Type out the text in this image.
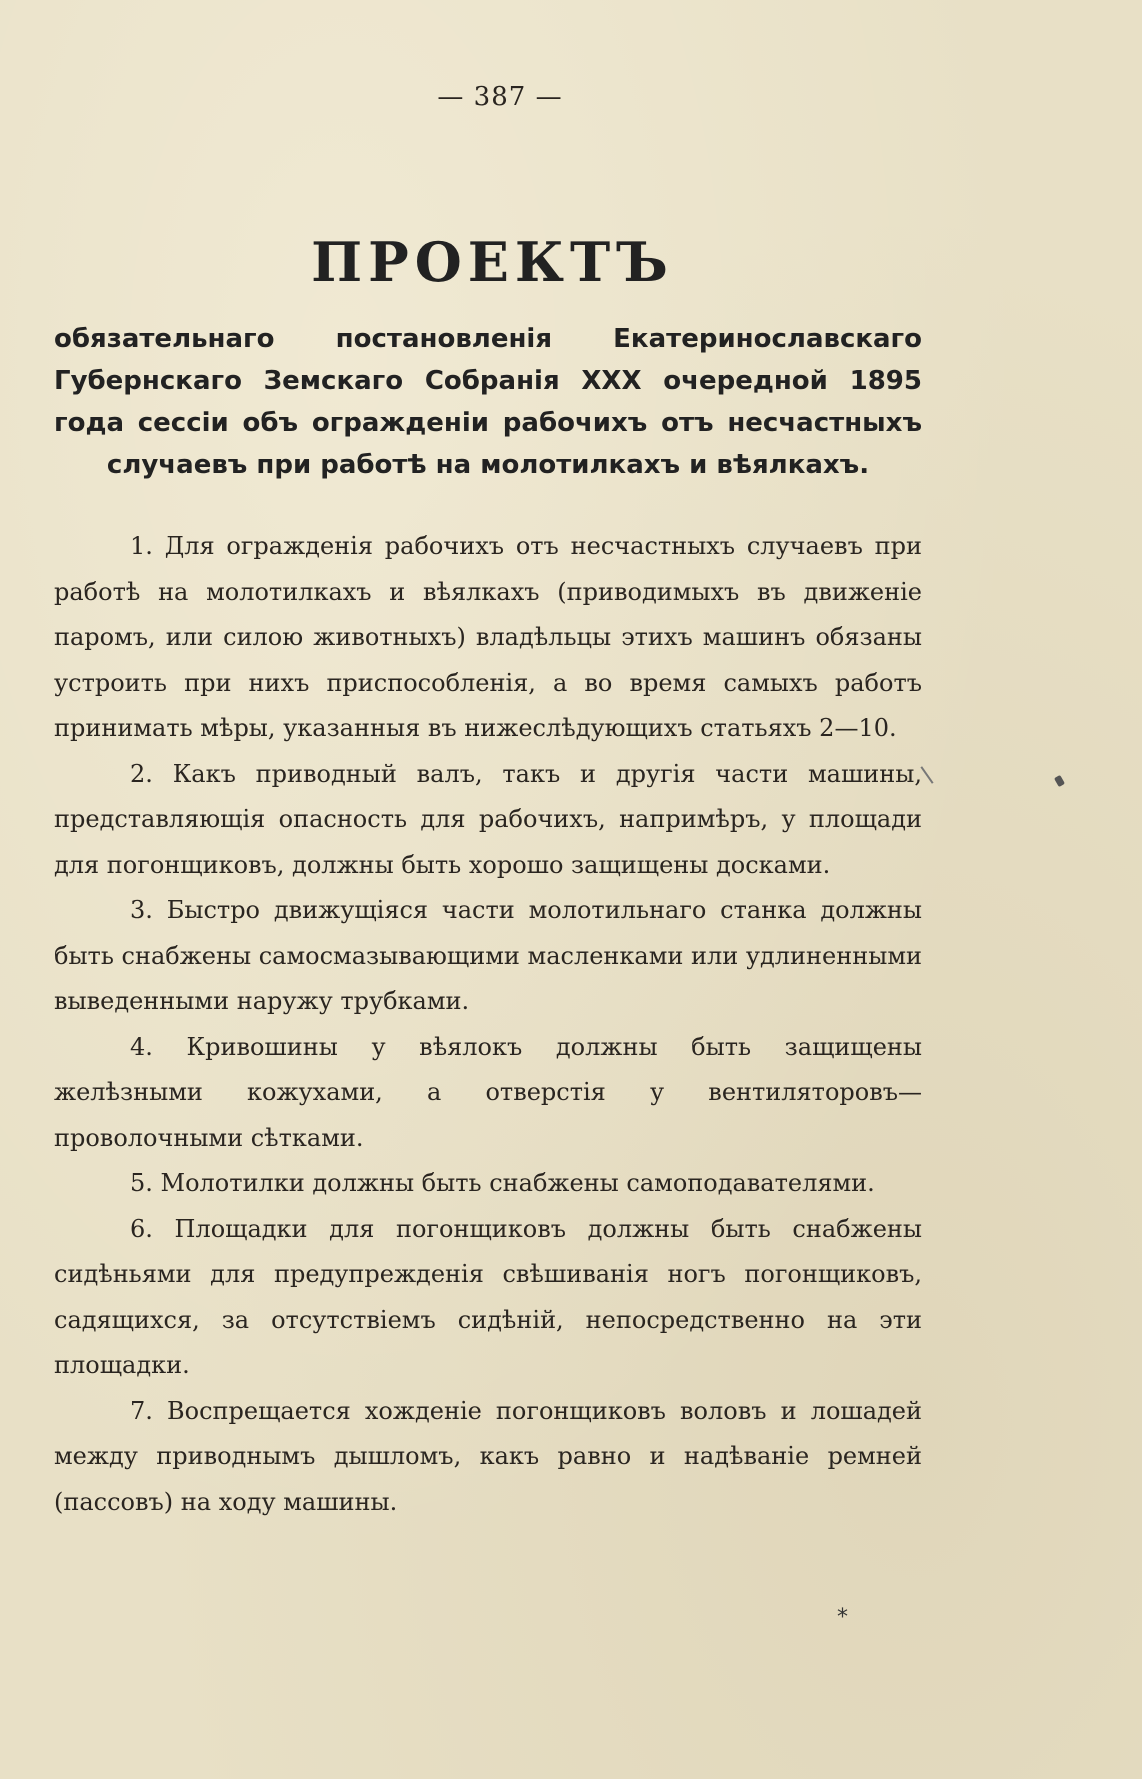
— 387 —
ПРОЕКТЪ
обязательнаго постановленія Екатеринославскаго Губернскаго Земскаго Собранія XXX очередной 1895 года сессіи объ огражденіи рабочихъ отъ несчастныхъ случаевъ при работѣ на молотилкахъ и вѣялкахъ.

1. Для огражденія рабочихъ отъ несчастныхъ случаевъ при работѣ на молотилкахъ и вѣялкахъ (приводимыхъ въ движеніе паромъ, или силою животныхъ) владѣльцы этихъ машинъ обязаны устроить при нихъ приспособленія, а во время самыхъ работъ принимать мѣры, указанныя въ нижеслѣдующихъ статьяхъ 2—10.

2. Какъ приводный валъ, такъ и другія части машины, представляющія опасность для рабочихъ, напримѣръ, у площади для погонщиковъ, должны быть хорошо защищены досками.

3. Быстро движущіяся части молотильнаго станка должны быть снабжены самосмазывающими масленками или удлиненными выведенными наружу трубками.

4. Кривошины у вѣялокъ должны быть защищены желѣзными кожухами, а отверстія у вентиляторовъ—проволочными сѣтками.

5. Молотилки должны быть снабжены самоподавателями.

6. Площадки для погонщиковъ должны быть снабжены сидѣньями для предупрежденія свѣшиванія ногъ погонщиковъ, садящихся, за отсутствіемъ сидѣній, непосредственно на эти площадки.

7. Воспрещается хожденіе погонщиковъ воловъ и лошадей между приводнымъ дышломъ, какъ равно и надѣваніе ремней (пассовъ) на ходу машины.

*
